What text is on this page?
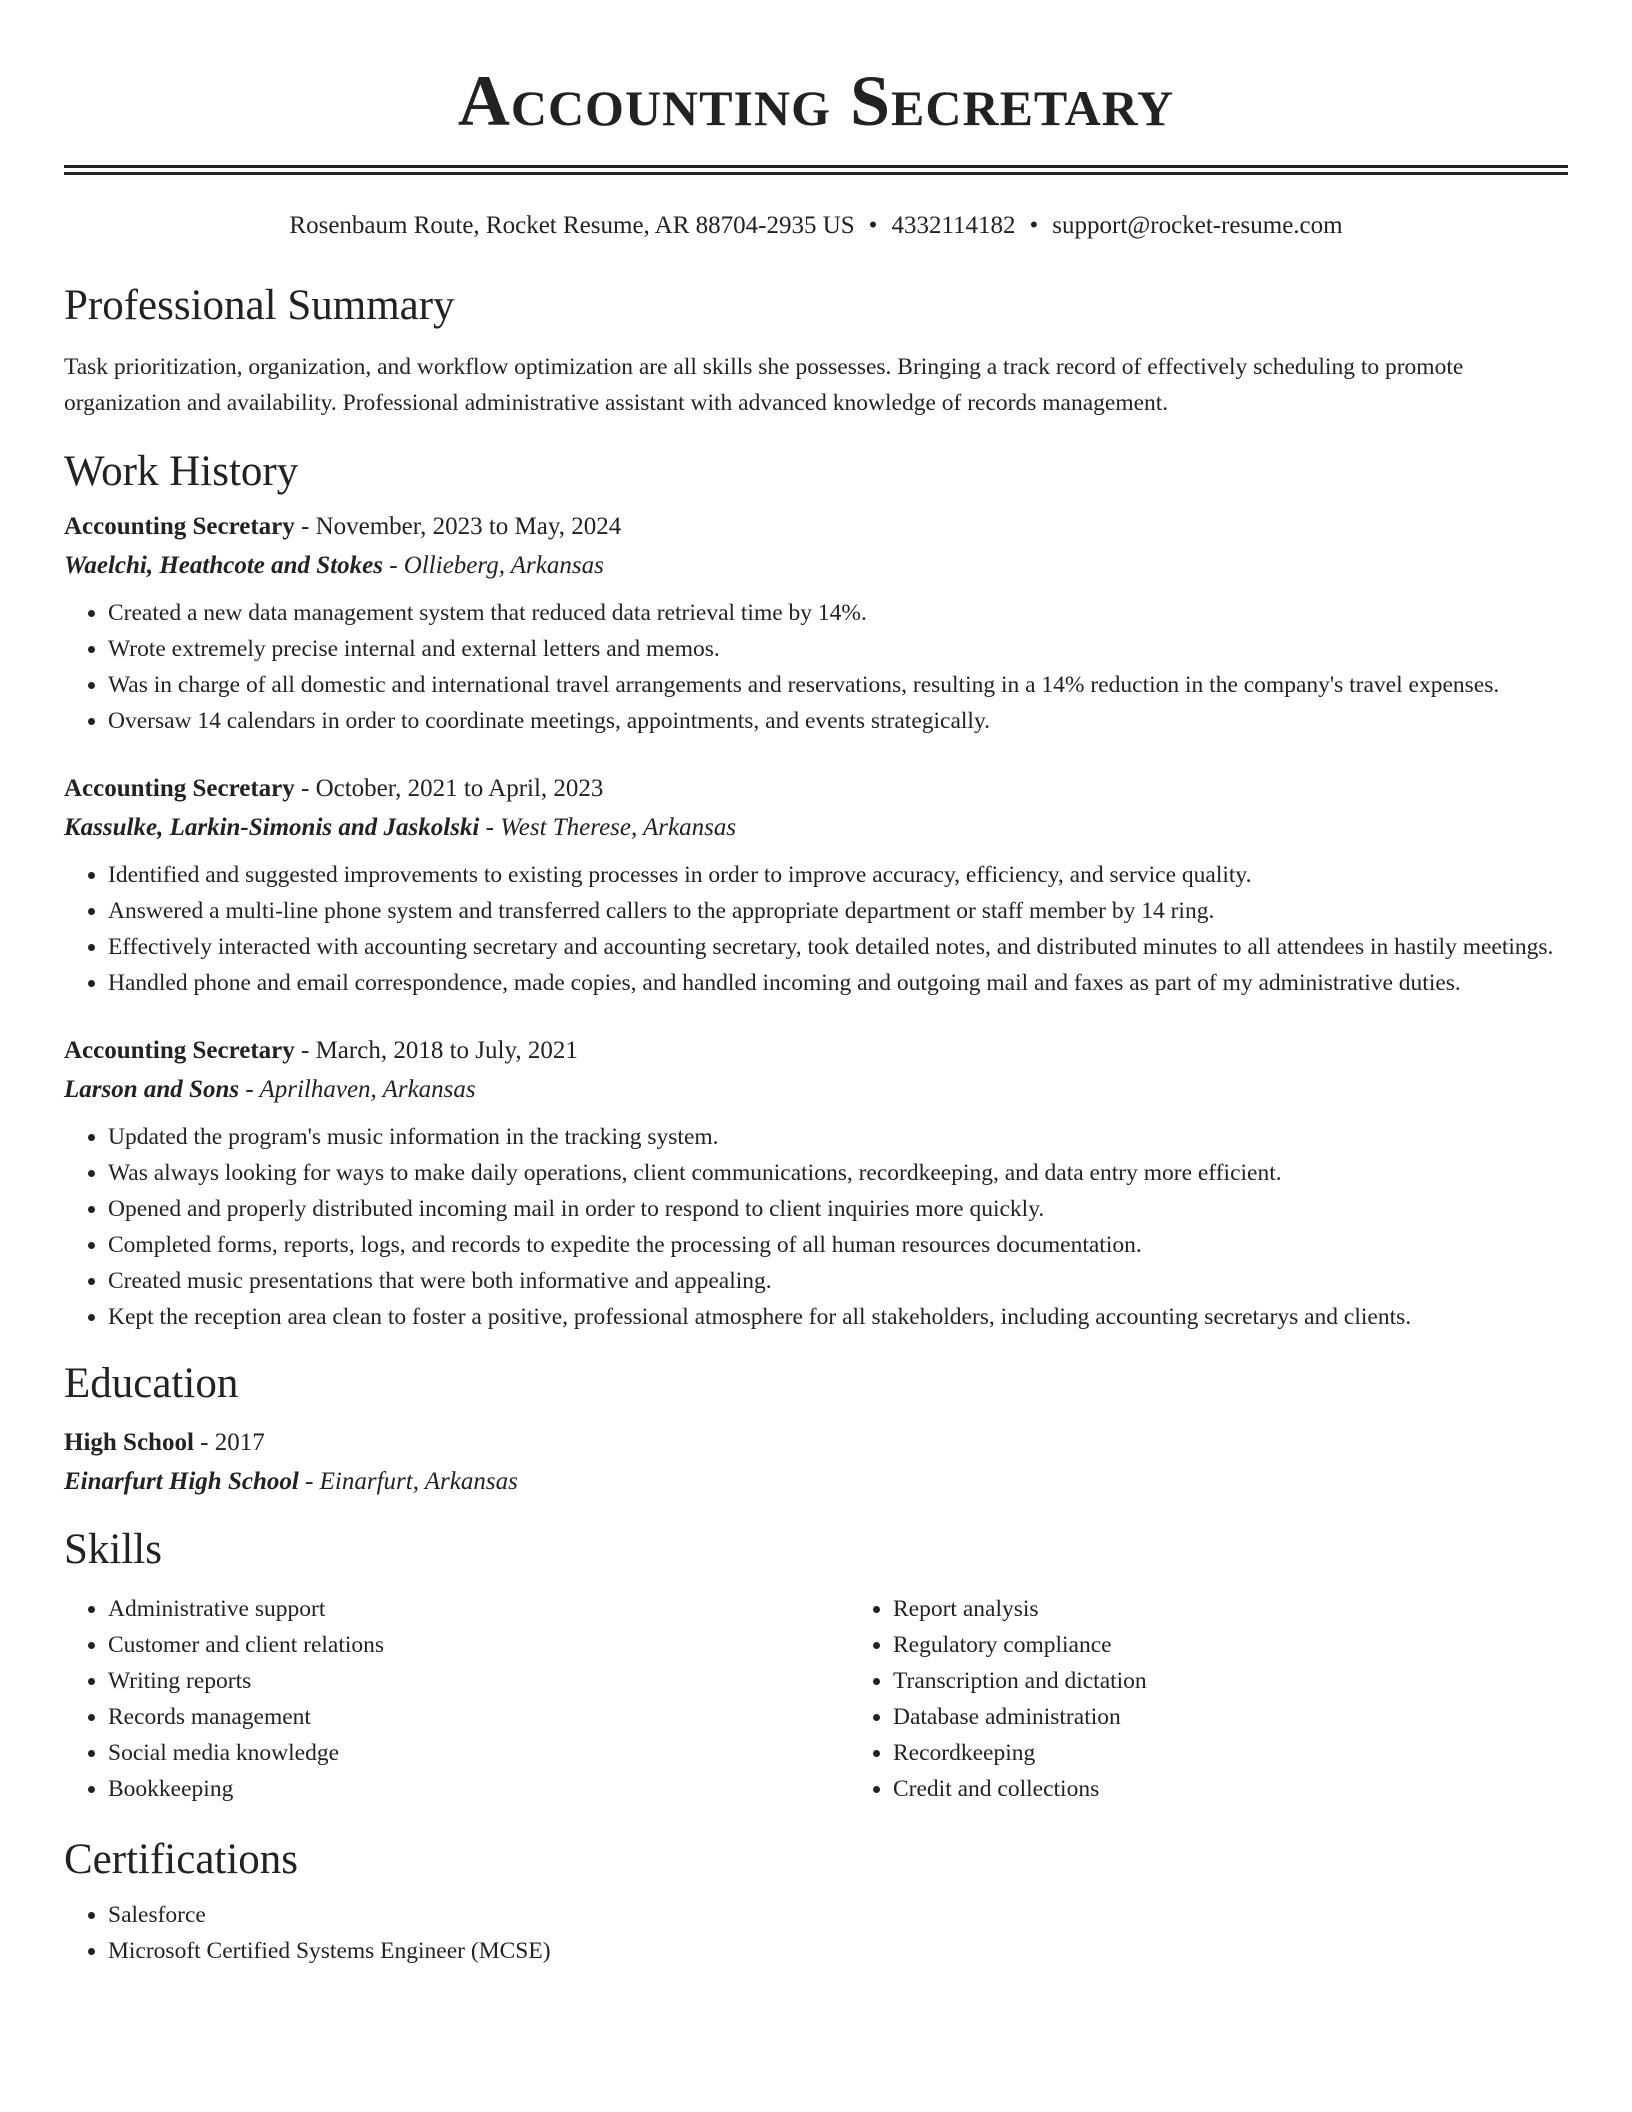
Accounting Secretary
Rosenbaum Route, Rocket Resume, AR 88704-2935 US • 4332114182 • support@rocket-resume.com
Professional Summary
Task prioritization, organization, and workflow optimization are all skills she possesses. Bringing a track record of effectively scheduling to promote organization and availability. Professional administrative assistant with advanced knowledge of records management.
Work History
Accounting Secretary - November, 2023 to May, 2024
Waelchi, Heathcote and Stokes - Ollieberg, Arkansas
• Created a new data management system that reduced data retrieval time by 14%.
• Wrote extremely precise internal and external letters and memos.
• Was in charge of all domestic and international travel arrangements and reservations, resulting in a 14% reduction in the company's travel expenses.
• Oversaw 14 calendars in order to coordinate meetings, appointments, and events strategically.
Accounting Secretary - October, 2021 to April, 2023
Kassulke, Larkin-Simonis and Jaskolski - West Therese, Arkansas
• Identified and suggested improvements to existing processes in order to improve accuracy, efficiency, and service quality.
• Answered a multi-line phone system and transferred callers to the appropriate department or staff member by 14 ring.
• Effectively interacted with accounting secretary and accounting secretary, took detailed notes, and distributed minutes to all attendees in hastily meetings.
• Handled phone and email correspondence, made copies, and handled incoming and outgoing mail and faxes as part of my administrative duties.
Accounting Secretary - March, 2018 to July, 2021
Larson and Sons - Aprilhaven, Arkansas
• Updated the program's music information in the tracking system.
• Was always looking for ways to make daily operations, client communications, recordkeeping, and data entry more efficient.
• Opened and properly distributed incoming mail in order to respond to client inquiries more quickly.
• Completed forms, reports, logs, and records to expedite the processing of all human resources documentation.
• Created music presentations that were both informative and appealing.
• Kept the reception area clean to foster a positive, professional atmosphere for all stakeholders, including accounting secretarys and clients.
Education
High School - 2017
Einarfurt High School - Einarfurt, Arkansas
Skills
• Administrative support
• Customer and client relations
• Writing reports
• Records management
• Social media knowledge
• Bookkeeping
• Report analysis
• Regulatory compliance
• Transcription and dictation
• Database administration
• Recordkeeping
• Credit and collections
Certifications
• Salesforce
• Microsoft Certified Systems Engineer (MCSE)
